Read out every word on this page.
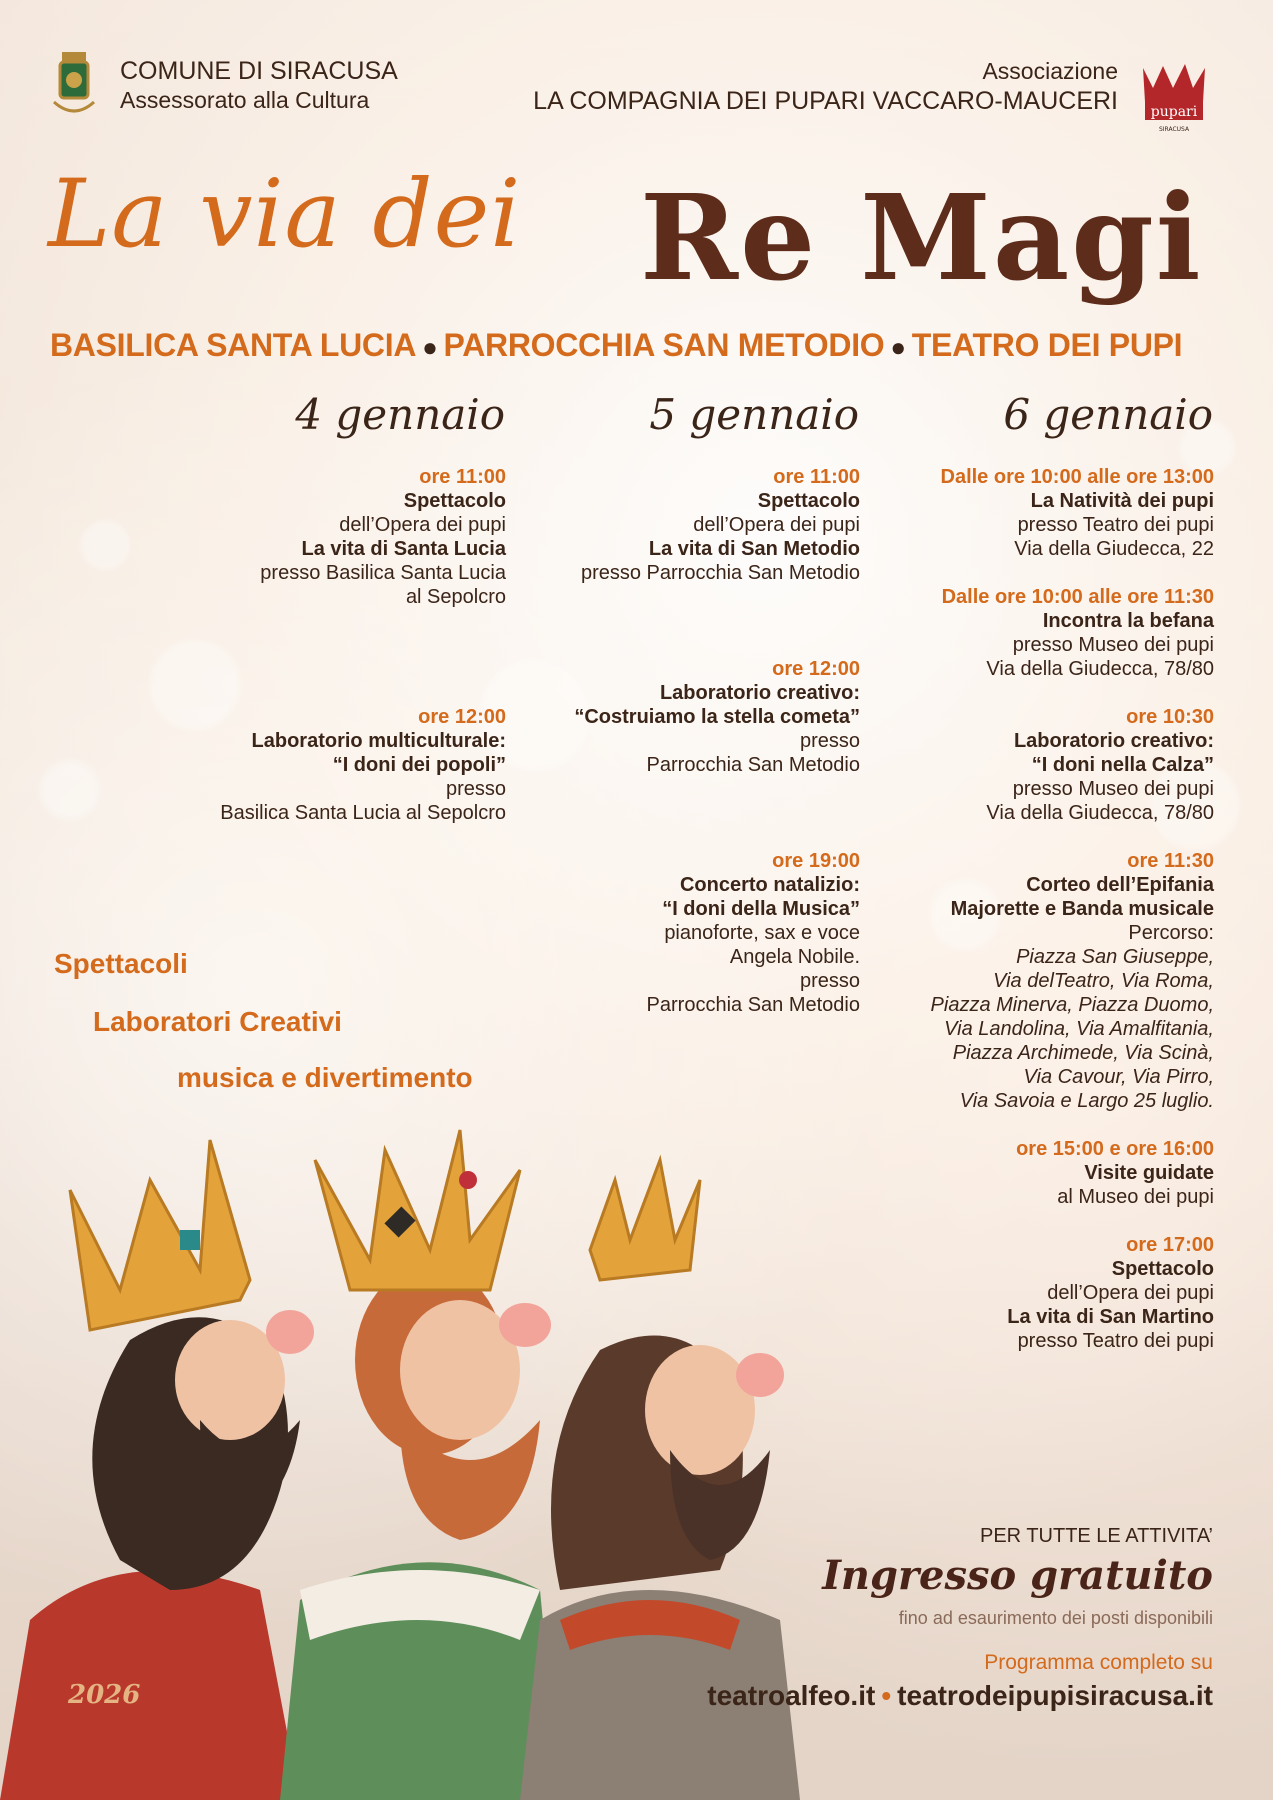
COMUNE DI SIRACUSA
Assessorato alla Cultura
Associazione
LA COMPAGNIA DEI PUPARI VACCARO-MAUCERI pupari
SIRACUSA
La via dei Re Magi
BASILICA SANTA LUCIA ● PARROCCHIA SAN METODIO ● TEATRO DEI PUPI
4 gennaio	5 gennaio	6 gennaio
ore 11:00
Spettacolo
dell’Opera dei pupi
La vita di Santa Lucia
presso Basilica Santa Lucia
al Sepolcro
ore 12:00
Laboratorio multiculturale:
“I doni dei popoli”
presso
Basilica Santa Lucia al Sepolcro
ore 11:00
Spettacolo
dell’Opera dei pupi
La vita di San Metodio
presso Parrocchia San Metodio
ore 12:00
Laboratorio creativo:
“Costruiamo la stella cometa”
presso
Parrocchia San Metodio
ore 19:00
Concerto natalizio:
“I doni della Musica”
pianoforte, sax e voce
Angela Nobile.
presso
Parrocchia San Metodio
Dalle ore 10:00 alle ore 13:00
La Natività dei pupi
presso Teatro dei pupi
Via della Giudecca, 22
Dalle ore 10:00 alle ore 11:30
Incontra la befana
presso Museo dei pupi
Via della Giudecca, 78/80
ore 10:30
Laboratorio creativo:
“I doni nella Calza”
presso Museo dei pupi
Via della Giudecca, 78/80
ore 11:30
Corteo dell’Epifania
Majorette e Banda musicale
Percorso:
Piazza San Giuseppe,
Via delTeatro, Via Roma,
Piazza Minerva, Piazza Duomo,
Via Landolina, Via Amalfitania,
Piazza Archimede, Via Scinà,
Via Cavour, Via Pirro,
Via Savoia e Largo 25 luglio.
ore 15:00 e ore 16:00
Visite guidate
al Museo dei pupi
ore 17:00
Spettacolo
dell’Opera dei pupi
La vita di San Martino
presso Teatro dei pupi
Spettacoli
Laboratori Creativi
musica e divertimento
PER TUTTE LE ATTIVITA’
Ingresso gratuito
fino ad esaurimento dei posti disponibili
Programma completo su
teatroalfeo.it • teatrodeipupisiracusa.it
2026
